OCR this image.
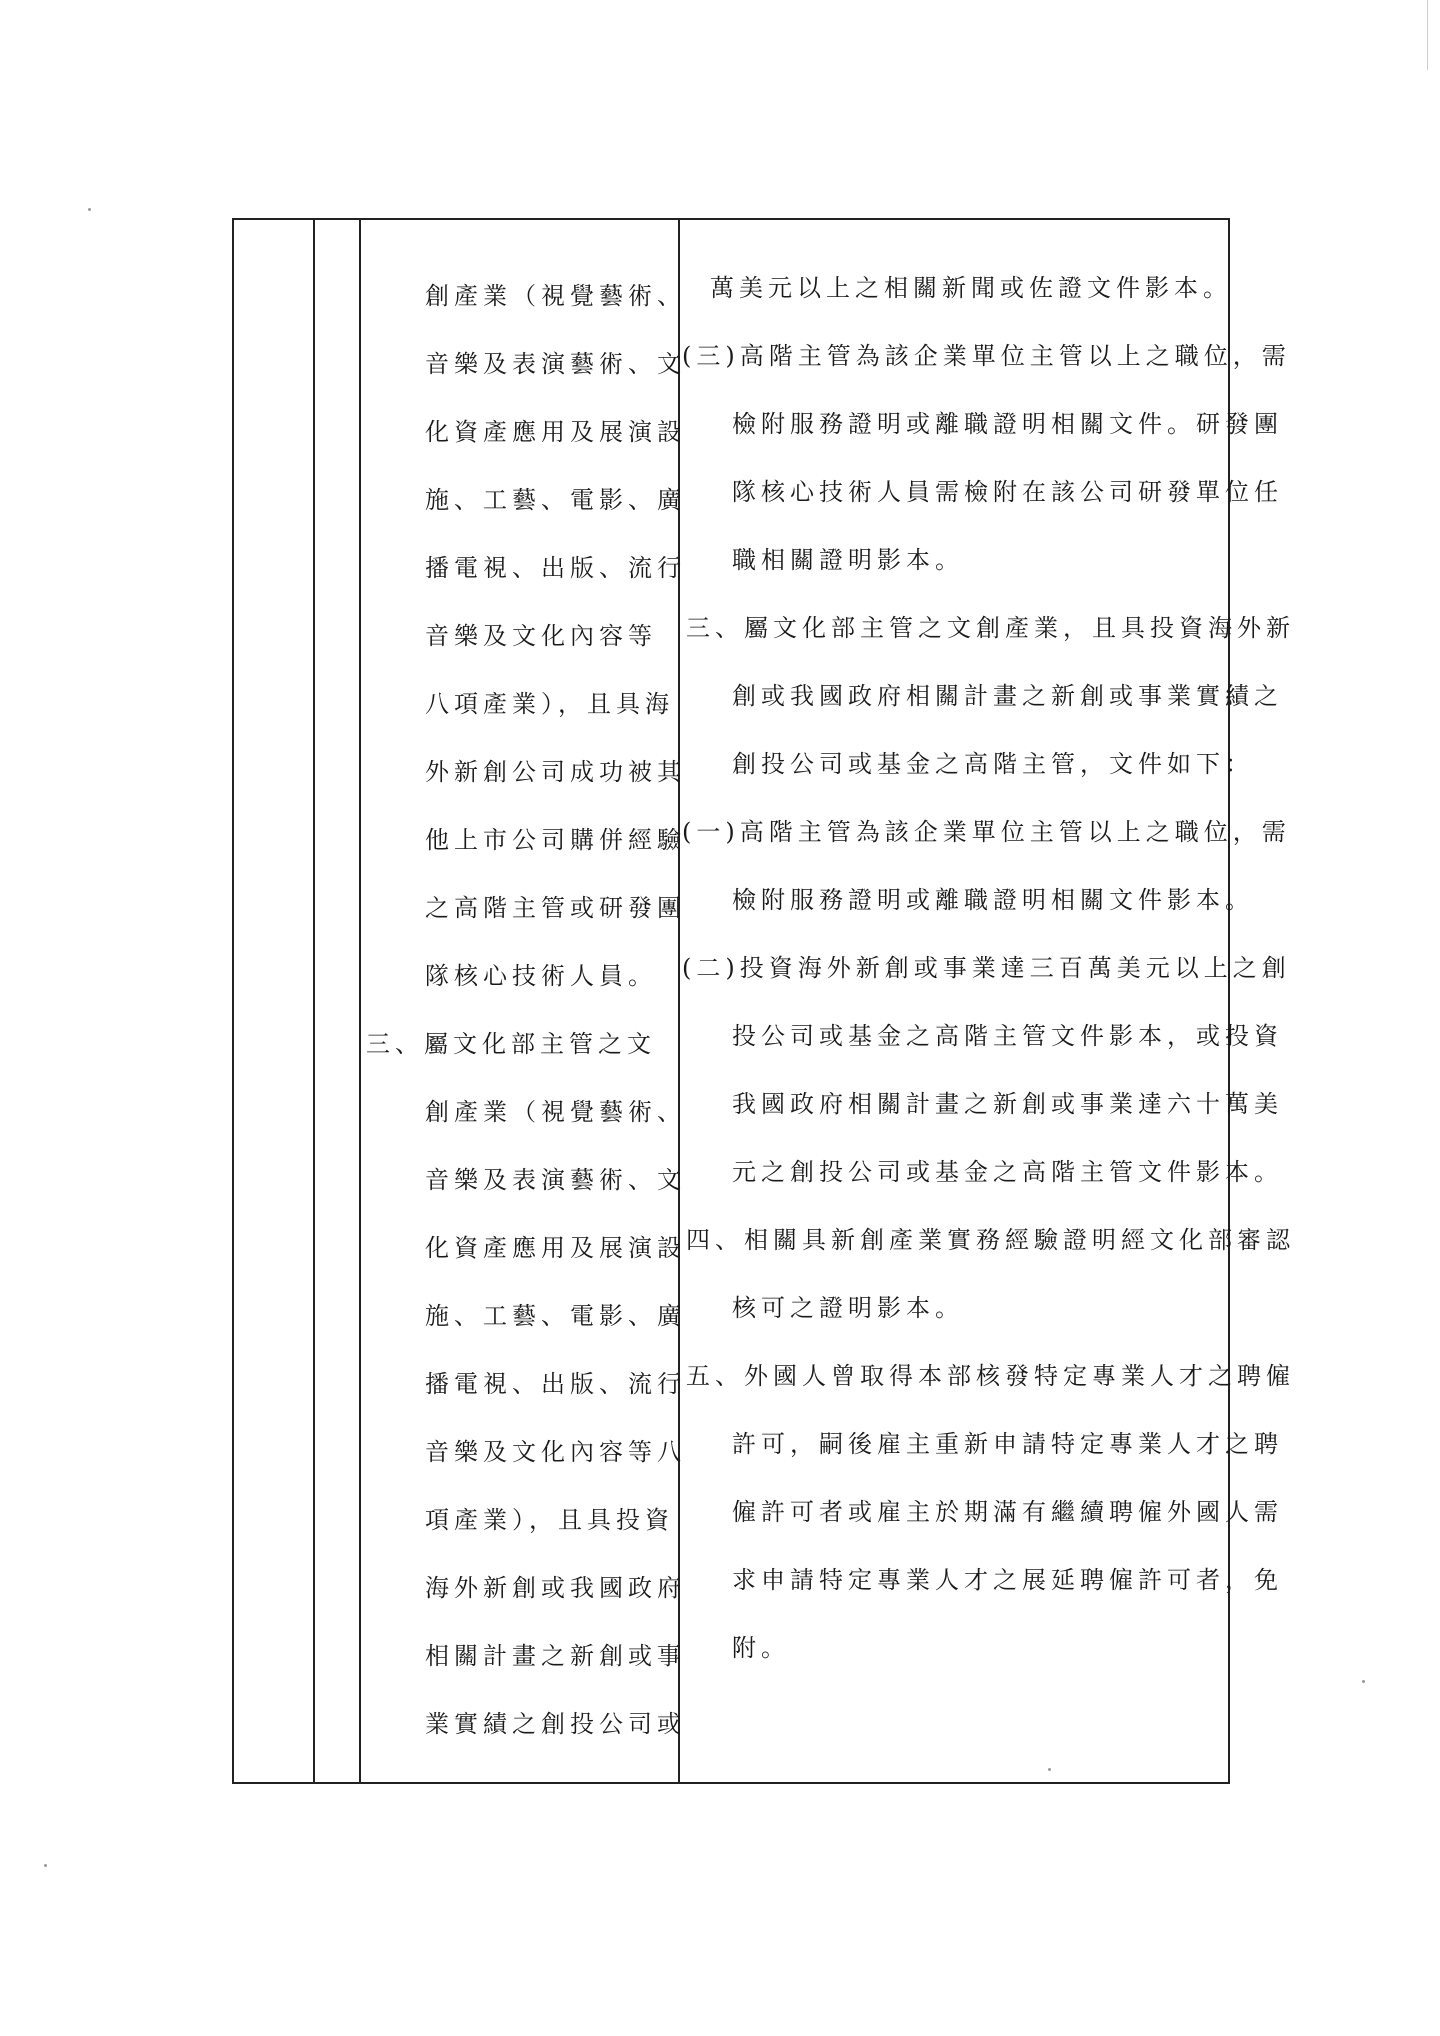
創產業（視覺藝術、
音樂及表演藝術、文
化資產應用及展演設
施、工藝、電影、廣
播電視、出版、流行
音樂及文化內容等
八項產業），且具海
外新創公司成功被其
他上市公司購併經驗
之高階主管或研發團
隊核心技術人員。
三、屬文化部主管之文
創產業（視覺藝術、
音樂及表演藝術、文
化資產應用及展演設
施、工藝、電影、廣
播電視、出版、流行
音樂及文化內容等八
項產業），且具投資
海外新創或我國政府
相關計畫之新創或事
業實績之創投公司或
萬美元以上之相關新聞或佐證文件影本。
(三)高階主管為該企業單位主管以上之職位，需
檢附服務證明或離職證明相關文件。研發團
隊核心技術人員需檢附在該公司研發單位任
職相關證明影本。
三、屬文化部主管之文創產業，且具投資海外新
創或我國政府相關計畫之新創或事業實績之
創投公司或基金之高階主管，文件如下：
(一)高階主管為該企業單位主管以上之職位，需
檢附服務證明或離職證明相關文件影本。
(二)投資海外新創或事業達三百萬美元以上之創
投公司或基金之高階主管文件影本，或投資
我國政府相關計畫之新創或事業達六十萬美
元之創投公司或基金之高階主管文件影本。
四、相關具新創產業實務經驗證明經文化部審認
核可之證明影本。
五、外國人曾取得本部核發特定專業人才之聘僱
許可，嗣後雇主重新申請特定專業人才之聘
僱許可者或雇主於期滿有繼續聘僱外國人需
求申請特定專業人才之展延聘僱許可者，免
附。
